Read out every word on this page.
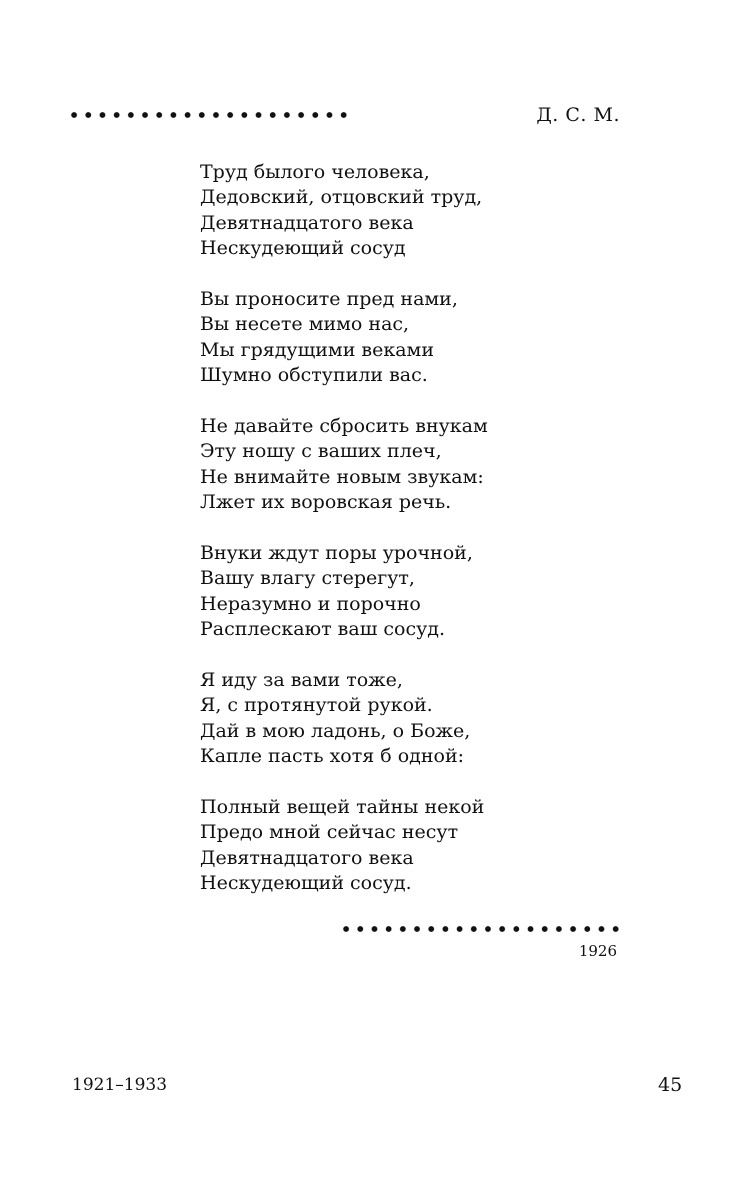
Д. С. М.
Труд былого человека,
Дедовский, отцовский труд,
Девятнадцатого века
Нескудеющий сосуд
Вы проносите пред нами,
Вы несете мимо нас,
Мы грядущими веками
Шумно обступили вас.
Не давайте сбросить внукам
Эту ношу с ваших плеч,
Не внимайте новым звукам:
Лжет их воровская речь.
Внуки ждут поры урочной,
Вашу влагу стерегут,
Неразумно и порочно
Расплескают ваш сосуд.
Я иду за вами тоже,
Я, с протянутой рукой.
Дай в мою ладонь, о Боже,
Капле пасть хотя б одной:
Полный вещей тайны некой
Предо мной сейчас несут
Девятнадцатого века
Нескудеющий сосуд.
1926
1921–1933	45
